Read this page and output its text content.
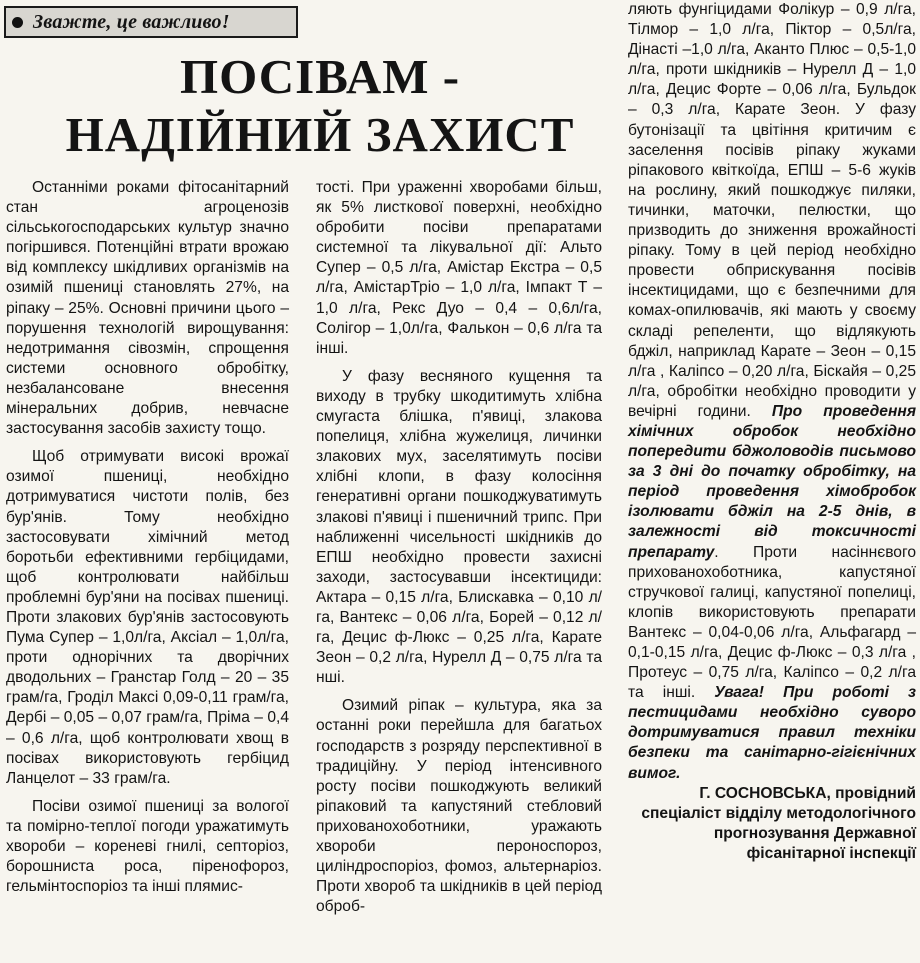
Зважте, це важливо!
ПОСІВАМ -
НАДІЙНИЙ ЗАХИСТ

Останніми роками фітосанітарний стан агроценозів сільськогосподарських культур значно погіршився. Потенційні втрати врожаю від комплексу шкідливих організмів на озимій пшениці становлять 27%, на ріпаку – 25%. Основні причини цього – порушення технологій вирощування: недотримання сівозмін, спрощення системи основного обробітку, незбалансоване внесення мінеральних добрив, невчасне застосування засобів захисту тощо.

Щоб отримувати високі врожаї озимої пшениці, необхідно дотримуватися чистоти полів, без бур'янів. Тому необхідно застосовувати хімічний метод боротьби ефективними гербіцидами, щоб контролювати найбільш проблемні бур'яни на посівах пшениці. Проти злакових бур'янів застосовують Пума Супер – 1,0л/га, Аксіал – 1,0л/га, проти однорічних та дворічних дводольних – Гранстар Голд – 20 – 35 грам/га, Гроділ Максі 0,09-0,11 грам/га, Дербі – 0,05 – 0,07 грам/га, Пріма – 0,4 – 0,6 л/га, щоб контролювати хвощ в посівах використовують гербіцид Ланцелот – 33 грам/га.

Посіви озимої пшениці за вологої та помірно-теплої погоди уражатимуть хвороби – кореневі гнилі, септоріоз, борошниста роса, піренофороз, гельмінтоспоріоз та інші плямис-

тості. При ураженні хворобами більш, як 5% листкової поверхні, необхідно обробити посіви препаратами системної та лікувальної дії: Альто Супер – 0,5 л/га, Амістар Екстра – 0,5 л/га, АмістарТріо – 1,0 л/га, Імпакт Т – 1,0 л/га, Рекс Дуо – 0,4 – 0,6л/га, Солігор – 1,0л/га, Фалькон – 0,6 л/га та інші.

У фазу весняного кущення та виходу в трубку шкодитимуть хлібна смугаста блішка, п'явиці, злакова попелиця, хлібна жужелиця, личинки злакових мух, заселятимуть посіви хлібні клопи, в фазу колосіння генеративні органи пошкоджуватимуть злакові п'явиці і пшеничний трипс. При наближенні чисельності шкідників до ЕПШ необхідно провести захисні заходи, застосувавши інсектициди: Актара – 0,15 л/га, Блискавка – 0,10 л/га, Вантекс – 0,06 л/га, Борей – 0,12 л/га, Децис ф-Люкс – 0,25 л/га, Карате Зеон – 0,2 л/га, Нурелл Д – 0,75 л/га та нші.

Озимий ріпак – культура, яка за останні роки перейшла для багатьох господарств з розряду перспективної в традиційну. У період інтенсивного росту посіви пошкоджують великий ріпаковий та капустяний стебловий прихованохоботники, уражають хвороби пероноспороз, циліндроспоріоз, фомоз, альтернаріоз. Проти хвороб та шкідників в цей період оброб-

ляють фунгіцидами Фолікур – 0,9 л/га, Тілмор – 1,0 л/га, Піктор – 0,5л/га, Дінасті –1,0 л/га, Аканто Плюс – 0,5-1,0 л/га, проти шкідників – Нурелл Д – 1,0 л/га, Децис Форте – 0,06 л/га, Бульдок – 0,3 л/га, Карате Зеон. У фазу бутонізації та цвітіння критичим є заселення посівів ріпаку жуками ріпакового квіткоїда, ЕПШ – 5-6 жуків на рослину, який пошкоджує пиляки, тичинки, маточки, пелюстки, що призводить до зниження врожайності ріпаку. Тому в цей період необхідно провести обприскування посівів інсектицидами, що є безпечними для комах-опилювачів, які мають у своєму складі репеленти, що відлякують бджіл, наприклад Карате – Зеон – 0,15 л/га , Каліпсо – 0,20 л/га, Біскайя – 0,25 л/га, обробітки необхідно проводити у вечірні години. Про проведення хімічних обробок необхідно попередити бджоловодів письмово за 3 дні до початку обробітку, на період проведення хімобробок ізолювати бджіл на 2-5 днів, в залежності від токсичності препарату. Проти насіннєвого прихованохоботника, капустяної стручкової галиці, капустяної попелиці, клопів використовують препарати Вантекс – 0,04-0,06 л/га, Альфагард – 0,1-0,15 л/га, Децис ф-Люкс – 0,3 л/га , Протеус – 0,75 л/га, Каліпсо – 0,2 л/га та інші. Увага! При роботі з пестицидами необхідно суворо дотримуватися правил техніки безпеки та санітарно-гігієнічних вимог.

Г. СОСНОВСЬКА, провідний
спеціаліст відділу методологічного прогнозування Державної фісанітарної інспекції
